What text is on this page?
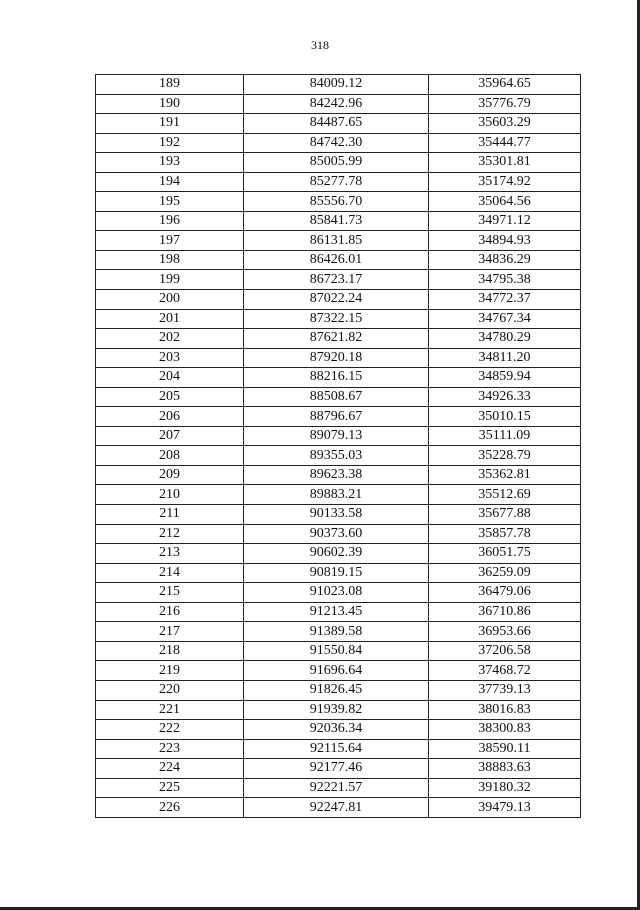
318
189	84009.12	35964.65
190	84242.96	35776.79
191	84487.65	35603.29
192	84742.30	35444.77
193	85005.99	35301.81
194	85277.78	35174.92
195	85556.70	35064.56
196	85841.73	34971.12
197	86131.85	34894.93
198	86426.01	34836.29
199	86723.17	34795.38
200	87022.24	34772.37
201	87322.15	34767.34
202	87621.82	34780.29
203	87920.18	34811.20
204	88216.15	34859.94
205	88508.67	34926.33
206	88796.67	35010.15
207	89079.13	35111.09
208	89355.03	35228.79
209	89623.38	35362.81
210	89883.21	35512.69
211	90133.58	35677.88
212	90373.60	35857.78
213	90602.39	36051.75
214	90819.15	36259.09
215	91023.08	36479.06
216	91213.45	36710.86
217	91389.58	36953.66
218	91550.84	37206.58
219	91696.64	37468.72
220	91826.45	37739.13
221	91939.82	38016.83
222	92036.34	38300.83
223	92115.64	38590.11
224	92177.46	38883.63
225	92221.57	39180.32
226	92247.81	39479.13
